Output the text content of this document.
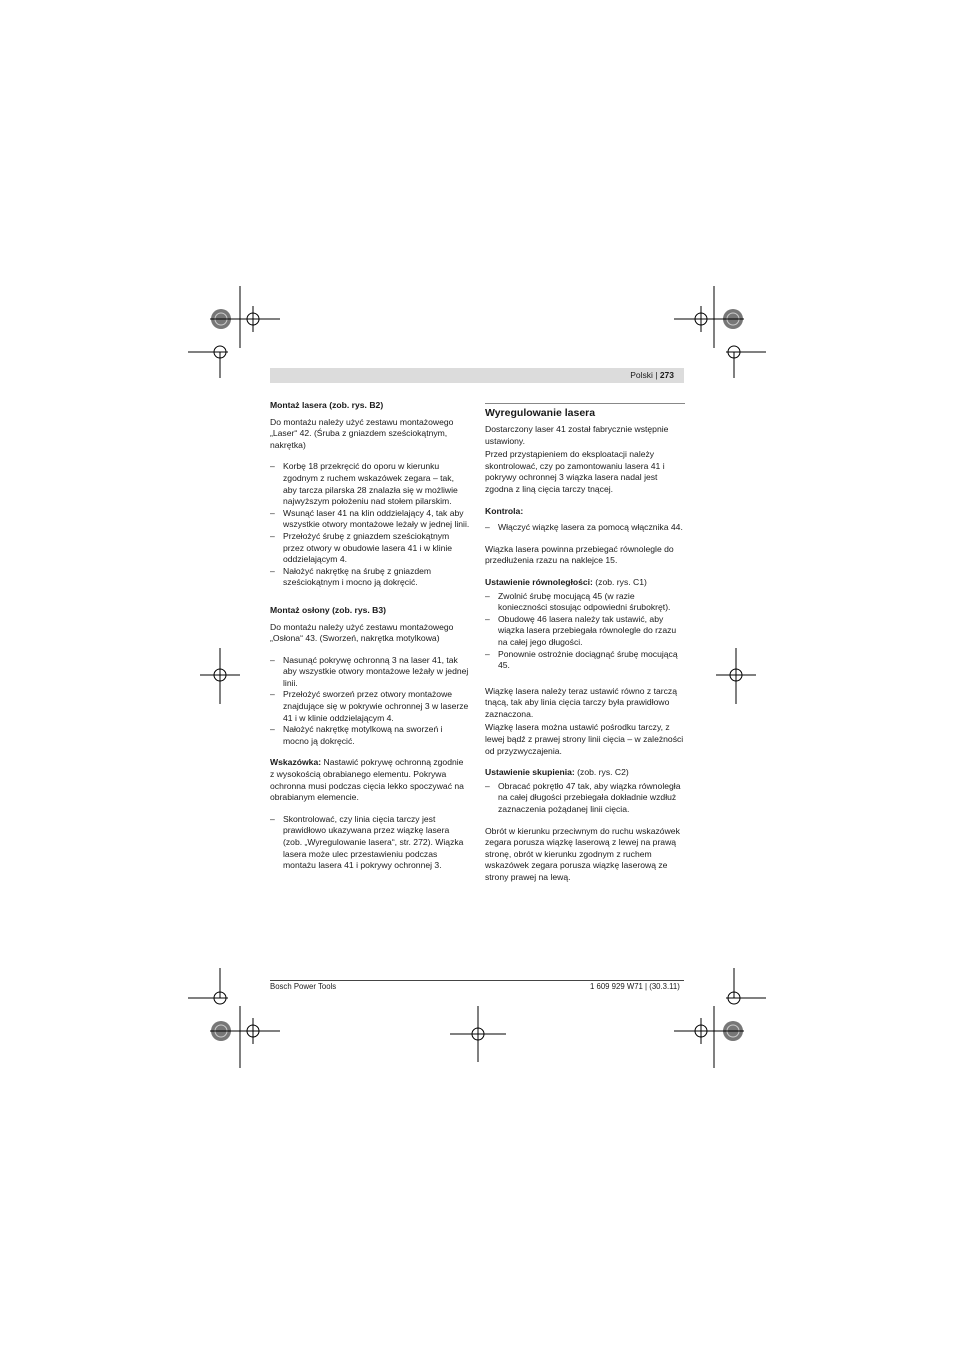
Polski | 273
Montaż lasera (zob. rys. B2)

Do montażu należy użyć zestawu montażowego „Laser“ 42. (Śruba z gniazdem sześciokątnym, nakrętka)

– Korbę 18 przekręcić do oporu w kierunku zgodnym z ruchem wskazówek zegara – tak, aby tarcza pilarska 28 znalazła się w możliwie najwyższym położeniu nad stołem pilarskim.
– Wsunąć laser 41 na klin oddzielający 4, tak aby wszystkie otwory montażowe leżały w jednej linii.
– Przełożyć śrubę z gniazdem sześciokątnym przez otwory w obudowie lasera 41 i w klinie oddzielającym 4.
– Nałożyć nakrętkę na śrubę z gniazdem sześciokątnym i mocno ją dokręcić.
Montaż osłony (zob. rys. B3)

Do montażu należy użyć zestawu montażowego „Osłona“ 43. (Sworzeń, nakrętka motylkowa)

– Nasunąć pokrywę ochronną 3 na laser 41, tak aby wszystkie otwory montażowe leżały w jednej linii.
– Przełożyć sworzeń przez otwory montażowe znajdujące się w pokrywie ochronnej 3 w laserze 41 i w klinie oddzielającym 4.
– Nałożyć nakrętkę motylkową na sworzeń i mocno ją dokręcić.

Wskazówka: Nastawić pokrywę ochronną zgodnie z wysokością obrabianego elementu. Pokrywa ochronna musi podczas cięcia lekko spoczywać na obrabianym elemencie.

– Skontrolować, czy linia cięcia tarczy jest prawidłowo ukazywana przez wiązkę lasera (zob. „Wyregulowanie lasera“, str. 272). Wiązka lasera może ulec przestawieniu podczas montażu lasera 41 i pokrywy ochronnej 3.
Wyregulowanie lasera

Dostarczony laser 41 został fabrycznie wstępnie ustawiony.

Przed przystąpieniem do eksploatacji należy skontrolować, czy po zamontowaniu lasera 41 i pokrywy ochronnej 3 wiązka lasera nadal jest zgodna z liną cięcia tarczy tnącej.

Kontrola:
– Włączyć wiązkę lasera za pomocą włącznika 44.

Wiązka lasera powinna przebiegać równolegle do przedłużenia rzazu na naklejce 15.

Ustawienie równoległości: (zob. rys. C1)

– Zwolnić śrubę mocującą 45 (w razie konieczności stosując odpowiedni śrubokręt).
– Obudowę 46 lasera należy tak ustawić, aby wiązka lasera przebiegała równolegle do rzazu na całej jego długości.
– Ponownie ostrożnie dociągnąć śrubę mocującą 45.

Wiązkę lasera należy teraz ustawić równo z tarczą tnącą, tak aby linia cięcia tarczy była prawidłowo zaznaczona.

Wiązkę lasera można ustawić pośrodku tarczy, z lewej bądź z prawej strony linii cięcia – w zależności od przyzwyczajenia.

Ustawienie skupienia: (zob. rys. C2)

– Obracać pokrętło 47 tak, aby wiązka równoległa na całej długości przebiegała dokładnie wzdłuż zaznaczenia pożądanej linii cięcia.

Obrót w kierunku przeciwnym do ruchu wskazówek zegara porusza wiązkę laserową z lewej na prawą stronę, obrót w kierunku zgodnym z ruchem wskazówek zegara porusza wiązkę laserową ze strony prawej na lewą.

Bosch Power Tools	1 609 929 W71 | (30.3.11)
